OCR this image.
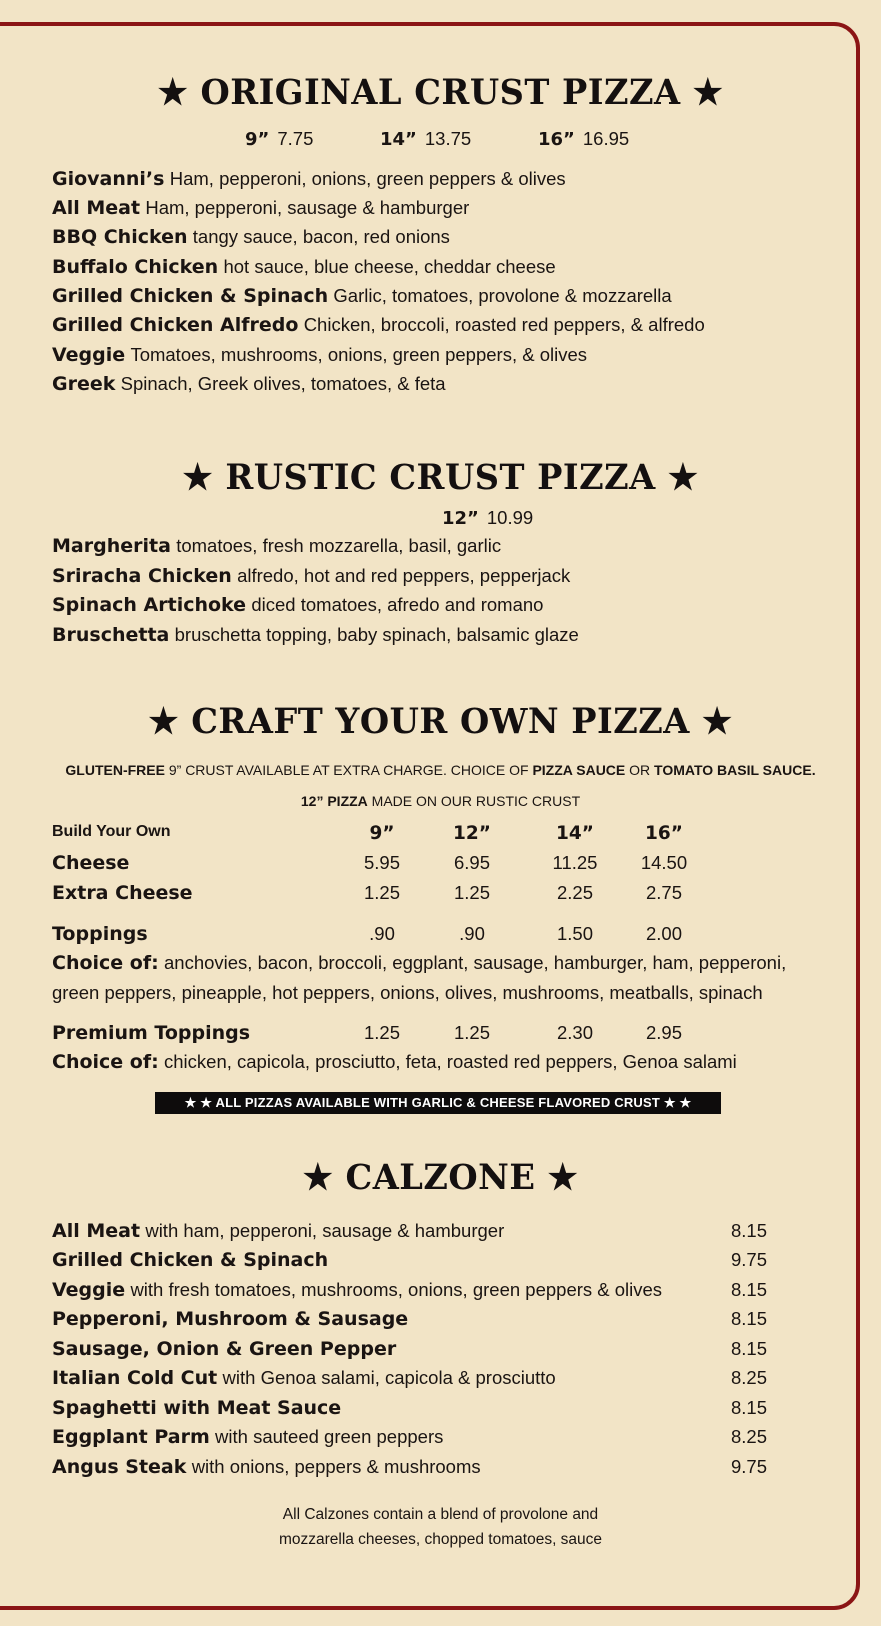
★ ORIGINAL CRUST PIZZA ★
9” 7.75	14” 13.75	16” 16.95
Giovanni’s Ham, pepperoni, onions, green peppers & olives
All Meat Ham, pepperoni, sausage & hamburger
BBQ Chicken tangy sauce, bacon, red onions
Buffalo Chicken hot sauce, blue cheese, cheddar cheese
Grilled Chicken & Spinach Garlic, tomatoes, provolone & mozzarella
Grilled Chicken Alfredo Chicken, broccoli, roasted red peppers, & alfredo
Veggie Tomatoes, mushrooms, onions, green peppers, & olives
Greek Spinach, Greek olives, tomatoes, & feta
★ RUSTIC CRUST PIZZA ★
12” 10.99
Margherita tomatoes, fresh mozzarella, basil, garlic
Sriracha Chicken alfredo, hot and red peppers, pepperjack
Spinach Artichoke diced tomatoes, afredo and romano
Bruschetta bruschetta topping, baby spinach, balsamic glaze
★ CRAFT YOUR OWN PIZZA ★
GLUTEN-FREE 9” CRUST AVAILABLE AT EXTRA CHARGE. CHOICE OF PIZZA SAUCE OR TOMATO BASIL SAUCE.
12” PIZZA MADE ON OUR RUSTIC CRUST
Build Your Own	9”	12”	14”	16”
Cheese	5.95	6.95	11.25	14.50
Extra Cheese	1.25	1.25	2.25	2.75
Toppings	.90	.90	1.50	2.00
Choice of: anchovies, bacon, broccoli, eggplant, sausage, hamburger, ham, pepperoni,
green peppers, pineapple, hot peppers, onions, olives, mushrooms, meatballs, spinach
Premium Toppings	1.25	1.25	2.30	2.95
Choice of: chicken, capicola, prosciutto, feta, roasted red peppers, Genoa salami
★ ★ ALL PIZZAS AVAILABLE WITH GARLIC & CHEESE FLAVORED CRUST ★ ★
★ CALZONE ★
All Meat with ham, pepperoni, sausage & hamburger	8.15
Grilled Chicken & Spinach	9.75
Veggie with fresh tomatoes, mushrooms, onions, green peppers & olives	8.15
Pepperoni, Mushroom & Sausage	8.15
Sausage, Onion & Green Pepper	8.15
Italian Cold Cut with Genoa salami, capicola & prosciutto	8.25
Spaghetti with Meat Sauce	8.15
Eggplant Parm with sauteed green peppers	8.25
Angus Steak with onions, peppers & mushrooms	9.75
All Calzones contain a blend of provolone and
mozzarella cheeses, chopped tomatoes, sauce
